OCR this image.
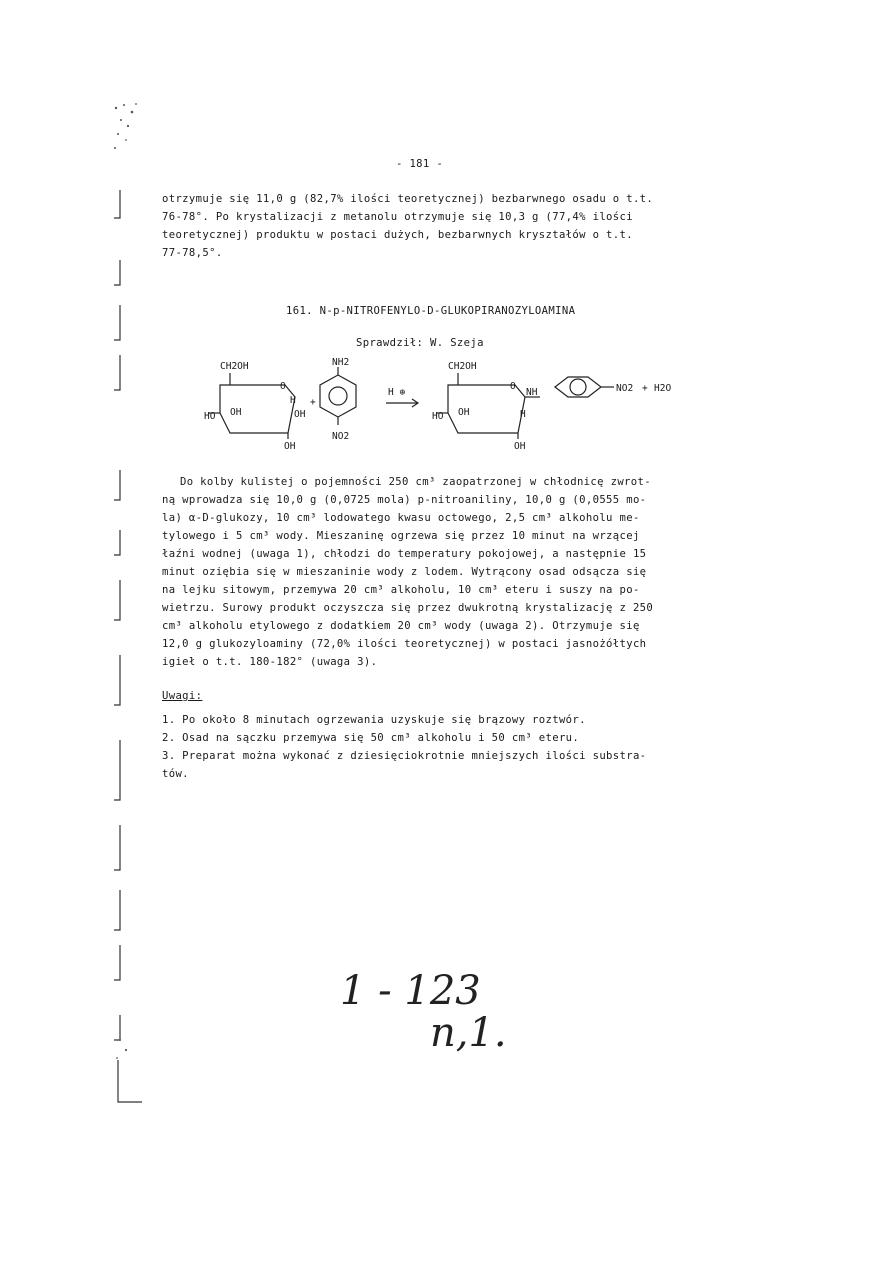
- 181 -
otrzymuje się 11,0 g (82,7% ilości teoretycznej) bezbarwnego osadu o t.t.
76-78°. Po krystalizacji z metanolu otrzymuje się 10,3 g (77,4% ilości
teoretycznej) produktu w postaci dużych, bezbarwnych kryształów o t.t.
77-78,5°.
161. N-p-NITROFENYLO-D-GLUKOPIRANOZYLOAMINA
Sprawdził: W. Szeja
CH2OH
O
H
OH
HO	OH
OH
+
NH2
NO2
H ⊕
CH2OH
O
NH
H
OH
HO
OH
NO2 + H2O
Do kolby kulistej o pojemności 250 cm³ zaopatrzonej w chłodnicę zwrot-
ną wprowadza się 10,0 g (0,0725 mola) p-nitroaniliny, 10,0 g (0,0555 mo-
la) α-D-glukozy, 10 cm³ lodowatego kwasu octowego, 2,5 cm³ alkoholu me-
tylowego i 5 cm³ wody. Mieszaninę ogrzewa się przez 10 minut na wrzącej
łaźni wodnej (uwaga 1), chłodzi do temperatury pokojowej, a następnie 15
minut oziębia się w mieszaninie wody z lodem. Wytrącony osad odsącza się
na lejku sitowym, przemywa 20 cm³ alkoholu, 10 cm³ eteru i suszy na po-
wietrzu. Surowy produkt oczyszcza się przez dwukrotną krystalizację z 250
cm³ alkoholu etylowego z dodatkiem 20 cm³ wody (uwaga 2). Otrzymuje się
12,0 g glukozyloaminy (72,0% ilości teoretycznej) w postaci jasnożółtych
igieł o t.t. 180-182° (uwaga 3).
Uwagi:
1. Po około 8 minutach ogrzewania uzyskuje się brązowy roztwór.
2. Osad na sączku przemywa się 50 cm³ alkoholu i 50 cm³ eteru.
3. Preparat można wykonać z dziesięciokrotnie mniejszych ilości substra-
tów.
1 - 123
n,1.
